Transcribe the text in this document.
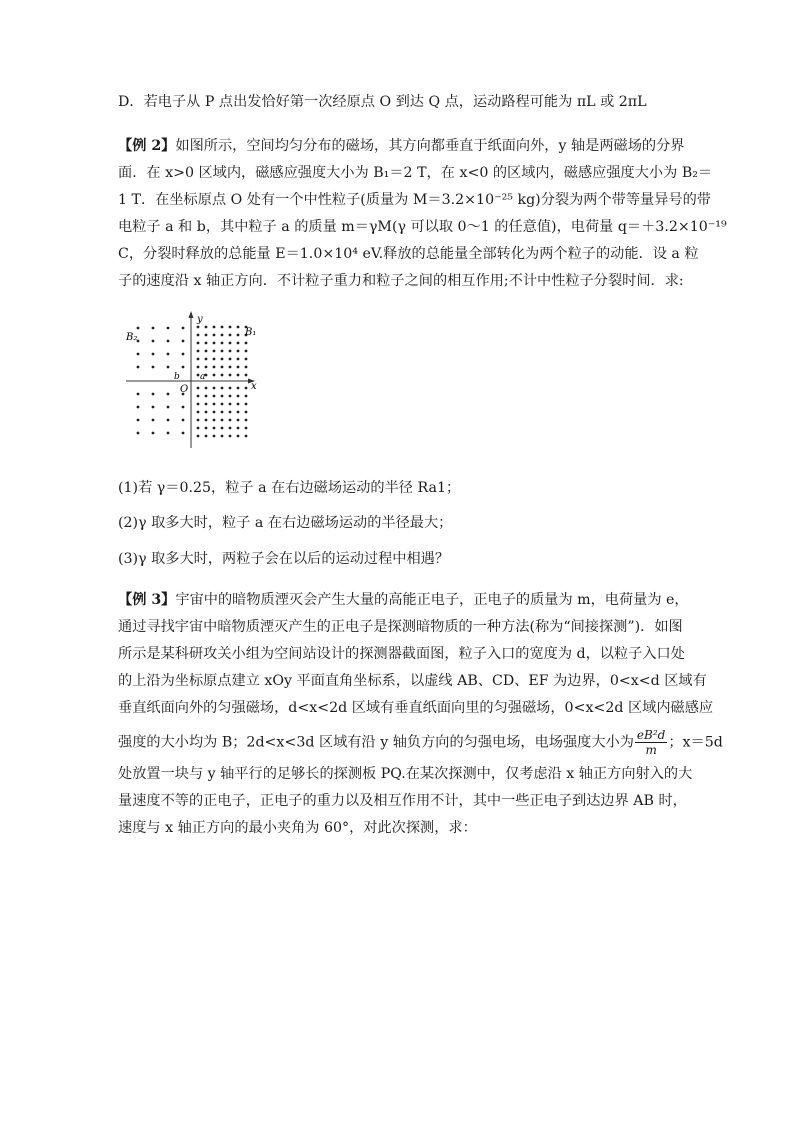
D．若电子从 P 点出发恰好第一次经原点 O 到达 Q 点，运动路程可能为 πL 或 2πL
【例 2】如图所示，空间均匀分布的磁场，其方向都垂直于纸面向外，y 轴是两磁场的分界
面．在 x>0 区域内，磁感应强度大小为 B₁＝2 T，在 x<0 的区域内，磁感应强度大小为 B₂＝
1 T．在坐标原点 O 处有一个中性粒子(质量为 M＝3.2×10⁻²⁵ kg)分裂为两个带等量异号的带
电粒子 a 和 b，其中粒子 a 的质量 m＝γM(γ 可以取 0～1 的任意值)，电荷量 q＝＋3.2×10⁻¹⁹
C，分裂时释放的总能量 E＝1.0×10⁴ eV.释放的总能量全部转化为两个粒子的动能．设 a 粒
子的速度沿 x 轴正方向．不计粒子重力和粒子之间的相互作用;不计中性粒子分裂时间．求:
y
x
O
B₁
B₂
a
b
(1)若 γ＝0.25，粒子 a 在右边磁场运动的半径 Ra1；
(2)γ 取多大时，粒子 a 在右边磁场运动的半径最大；
(3)γ 取多大时，两粒子会在以后的运动过程中相遇？
【例 3】宇宙中的暗物质湮灭会产生大量的高能正电子，正电子的质量为 m，电荷量为 e，
通过寻找宇宙中暗物质湮灭产生的正电子是探测暗物质的一种方法(称为“间接探测”)．如图
所示是某科研攻关小组为空间站设计的探测器截面图，粒子入口的宽度为 d，以粒子入口处
的上沿为坐标原点建立 xOy 平面直角坐标系，以虚线 AB、CD、EF 为边界，0<x<d 区域有
垂直纸面向外的匀强磁场，d<x<2d 区域有垂直纸面向里的匀强磁场，0<x<2d 区域内磁感应
强度的大小均为 B；2d<x<3d 区域有沿 y 轴负方向的匀强电场，电场强度大小为 $\frac{\text{eB²d}}{m}$ ；x＝5d
处放置一块与 y 轴平行的足够长的探测板 PQ.在某次探测中，仅考虑沿 x 轴正方向射入的大
量速度不等的正电子，正电子的重力以及相互作用不计，其中一些正电子到达边界 AB 时，
速度与 x 轴正方向的最小夹角为 60°，对此次探测，求：
